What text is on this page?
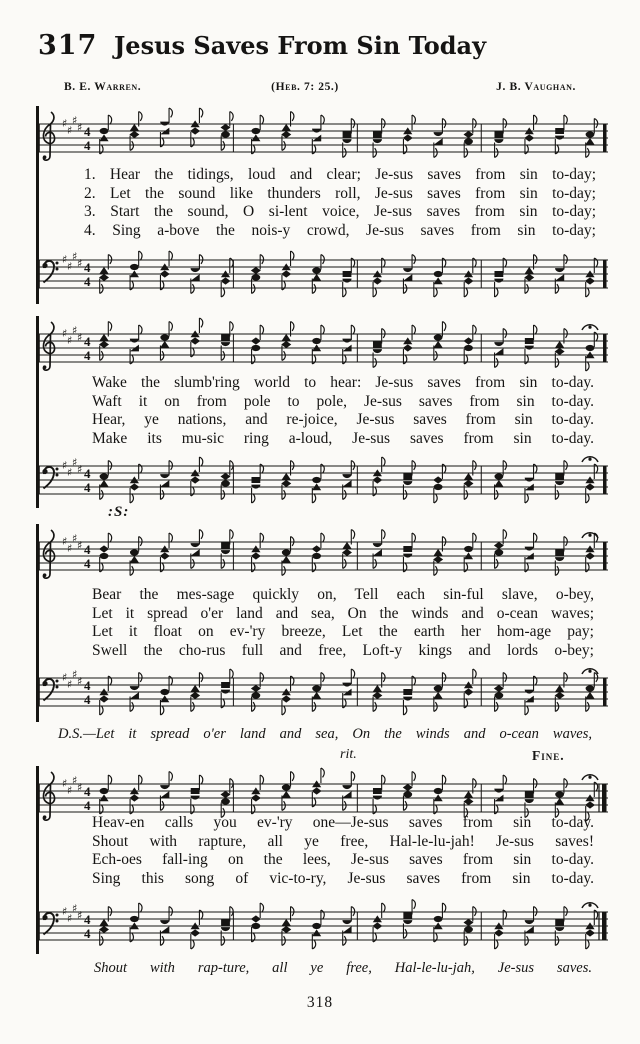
317 Jesus Saves From Sin Today
B. E. Warren.	(Heb. 7: 25.)	J. B. Vaughan.
♯
♯
♯
♯ 4
4
♯
♯
♯
♯ 4
4
♯
♯
♯
♯ 4
4
♯
♯
♯
♯ 4
4
♯
♯
♯
♯ 4
4
♯
♯
♯
♯ 4
4
♯
♯
♯
♯ 4
4
♯
♯
♯
♯ 4
4
1. Hear the tidings, loud and clear; Je-sus saves from sin to-day;
2. Let the sound like thunders roll, Je-sus saves from sin to-day;
3. Start the sound, O si-lent voice, Je-sus saves from sin to-day;
4. Sing a-bove the nois-y crowd, Je-sus saves from sin to-day;
Wake the slumb'ring world to hear: Je-sus saves from sin to-day.
Waft it on from pole to pole, Je-sus saves from sin to-day.
Hear, ye nations, and re-joice, Je-sus saves from sin to-day.
Make its mu-sic ring a-loud, Je-sus saves from sin to-day.
Bear the mes-sage quickly on, Tell each sin-ful slave, o-bey,
Let it spread o'er land and sea, On the winds and o-cean waves;
Let it float on ev-'ry breeze, Let the earth her hom-age pay;
Swell the cho-rus full and free, Loft-y kings and lords o-bey;
Heav-en calls you ev-'ry one—Je-sus saves from sin to-day.
Shout with rapture, all ye free, Hal-le-lu-jah! Je-sus saves!
Ech-oes fall-ing on the lees, Je-sus saves from sin to-day.
Sing this song of vic-to-ry, Je-sus saves from sin to-day.
:S:
rit.	Fine.
D.S.—Let it spread o'er land and sea, On the winds and o-cean waves,
Shout with rap-ture, all ye free, Hal-le-lu-jah, Je-sus saves.
318
